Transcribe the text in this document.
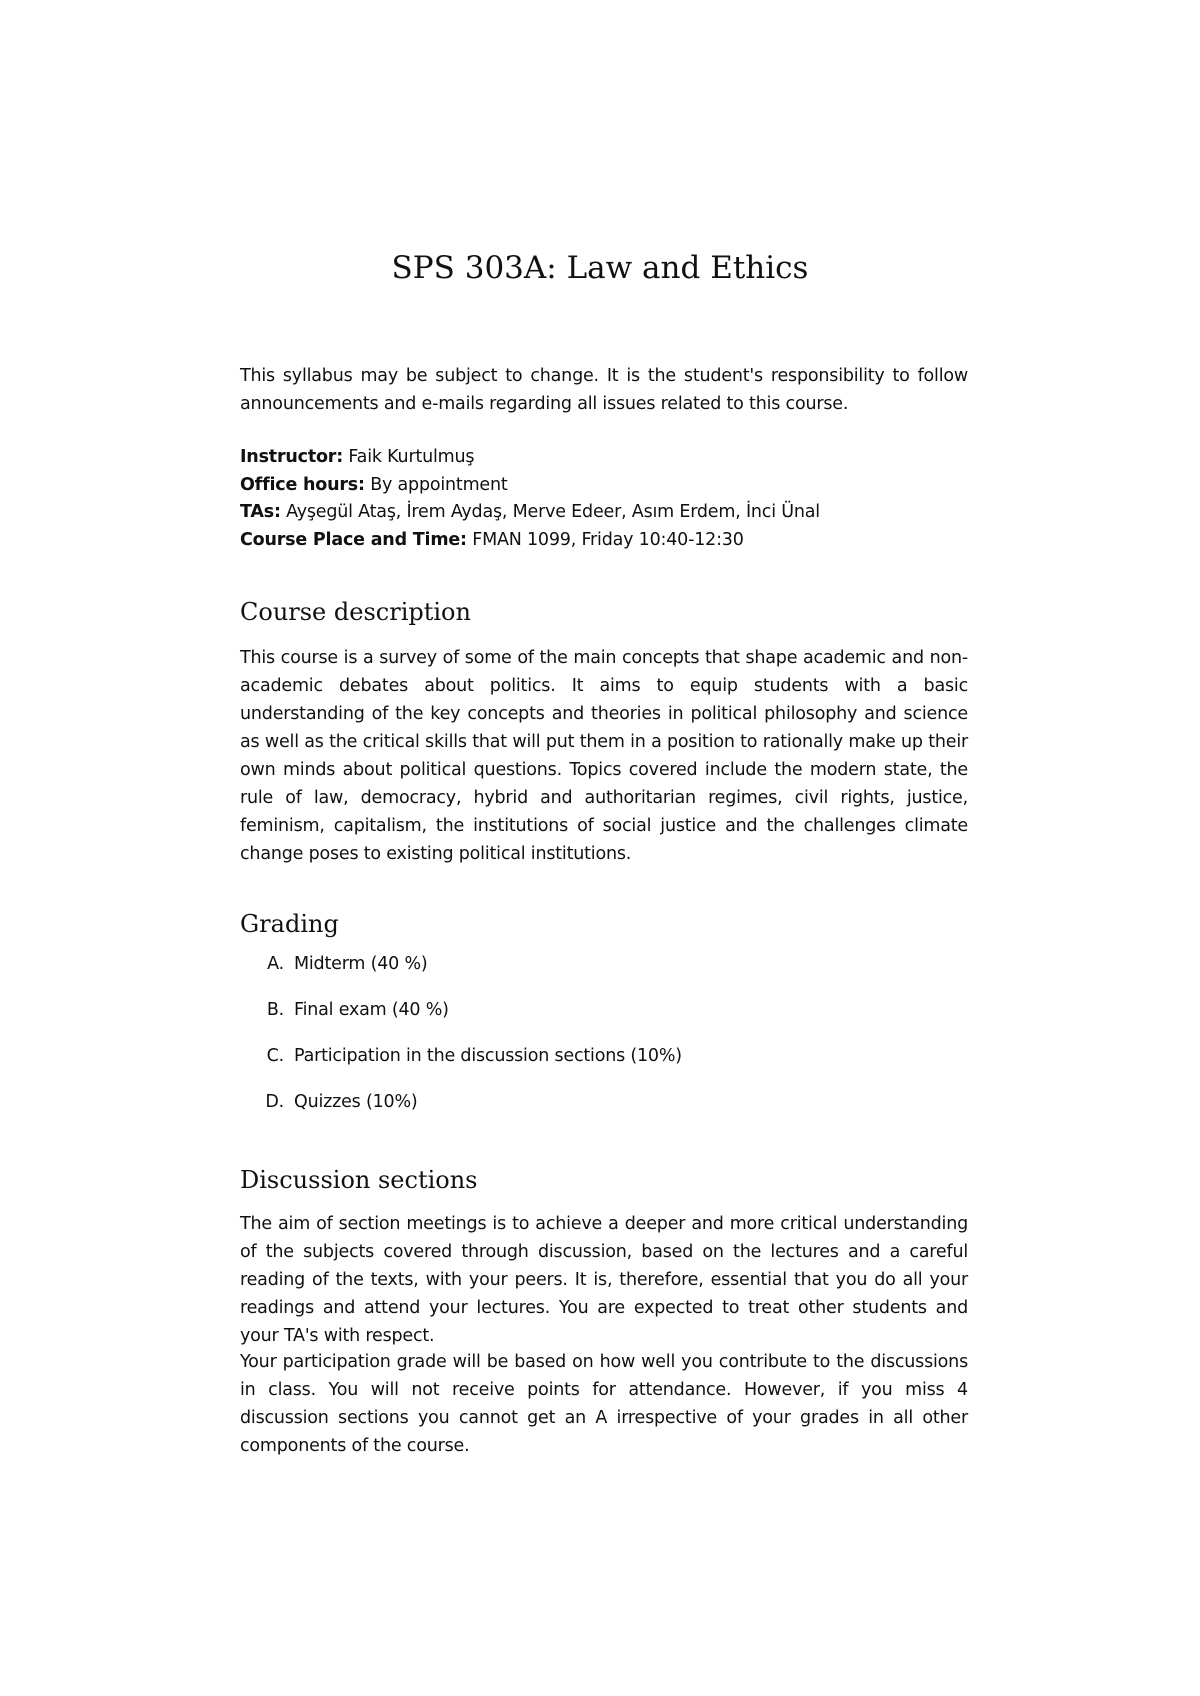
SPS 303A: Law and Ethics

This syllabus may be subject to change. It is the student's responsibility to follow announcements and e-mails regarding all issues related to this course.

Instructor: Faik Kurtulmuş

Office hours: By appointment

TAs: Ayşegül Ataş, İrem Aydaş, Merve Edeer, Asım Erdem, İnci Ünal

Course Place and Time: FMAN 1099, Friday 10:40-12:30

Course description

This course is a survey of some of the main concepts that shape academic and non-academic debates about politics. It aims to equip students with a basic understanding of the key concepts and theories in political philosophy and science as well as the critical skills that will put them in a position to rationally make up their own minds about political questions. Topics covered include the modern state, the rule of law, democracy, hybrid and authoritarian regimes, civil rights, justice, feminism, capitalism, the institutions of social justice and the challenges climate change poses to existing political institutions.

Grading
A. Midterm (40 %)
B. Final exam (40 %)
C. Participation in the discussion sections (10%)
D. Quizzes (10%)
Discussion sections

The aim of section meetings is to achieve a deeper and more critical understanding of the subjects covered through discussion, based on the lectures and a careful reading of the texts, with your peers. It is, therefore, essential that you do all your readings and attend your lectures. You are expected to treat other students and your TA's with respect.

Your participation grade will be based on how well you contribute to the discussions in class. You will not receive points for attendance. However, if you miss 4 discussion sections you cannot get an A irrespective of your grades in all other components of the course.
